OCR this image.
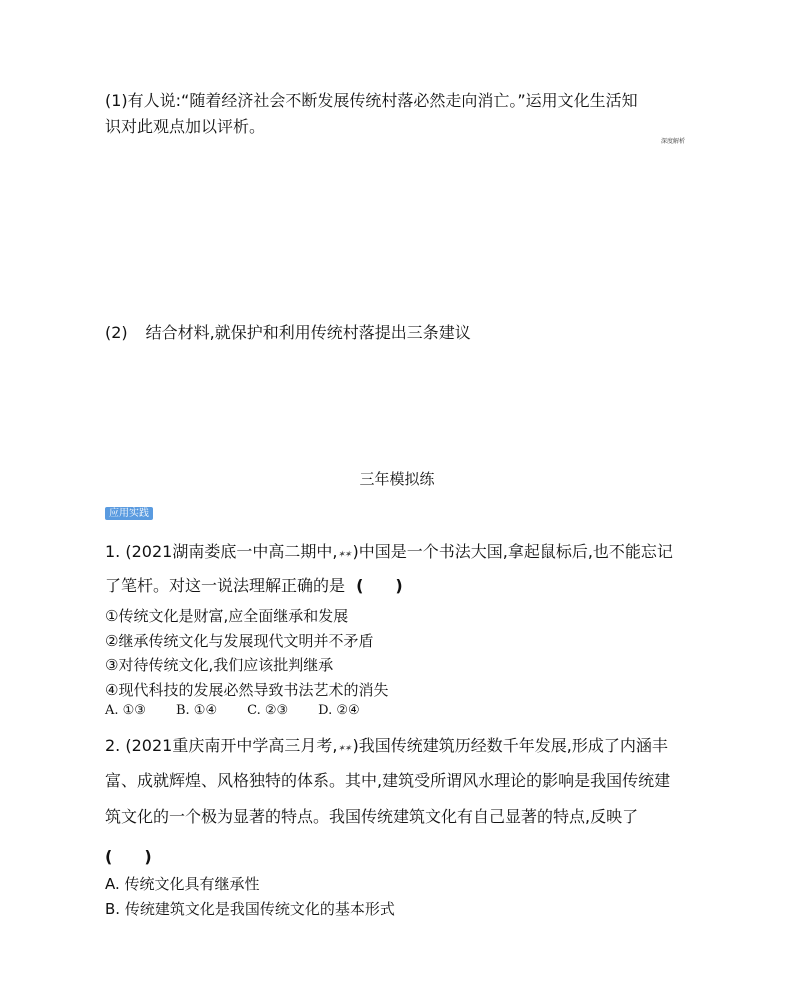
(1)有人说:“随着经济社会不断发展传统村落必然走向消亡。”运用文化生活知
识对此观点加以评析。
深度解析
(2) 结合材料,就保护和利用传统村落提出三条建议
三年模拟练
应用实践
1. (2021湖南娄底一中高二期中,✶✶)中国是一个书法大国,拿起鼠标后,也不能忘记
了笔杆。对这一说法理解正确的是 (　　)
①传统文化是财富,应全面继承和发展
②继承传统文化与发展现代文明并不矛盾
③对待传统文化,我们应该批判继承
④现代科技的发展必然导致书法艺术的消失
A. ①③ B. ①④ C. ②③ D. ②④
2. (2021重庆南开中学高三月考,✶✶)我国传统建筑历经数千年发展,形成了内涵丰
富、成就辉煌、风格独特的体系。其中,建筑受所谓风水理论的影响是我国传统建
筑文化的一个极为显著的特点。我国传统建筑文化有自己显著的特点,反映了
(　　)
A. 传统文化具有继承性
B. 传统建筑文化是我国传统文化的基本形式
